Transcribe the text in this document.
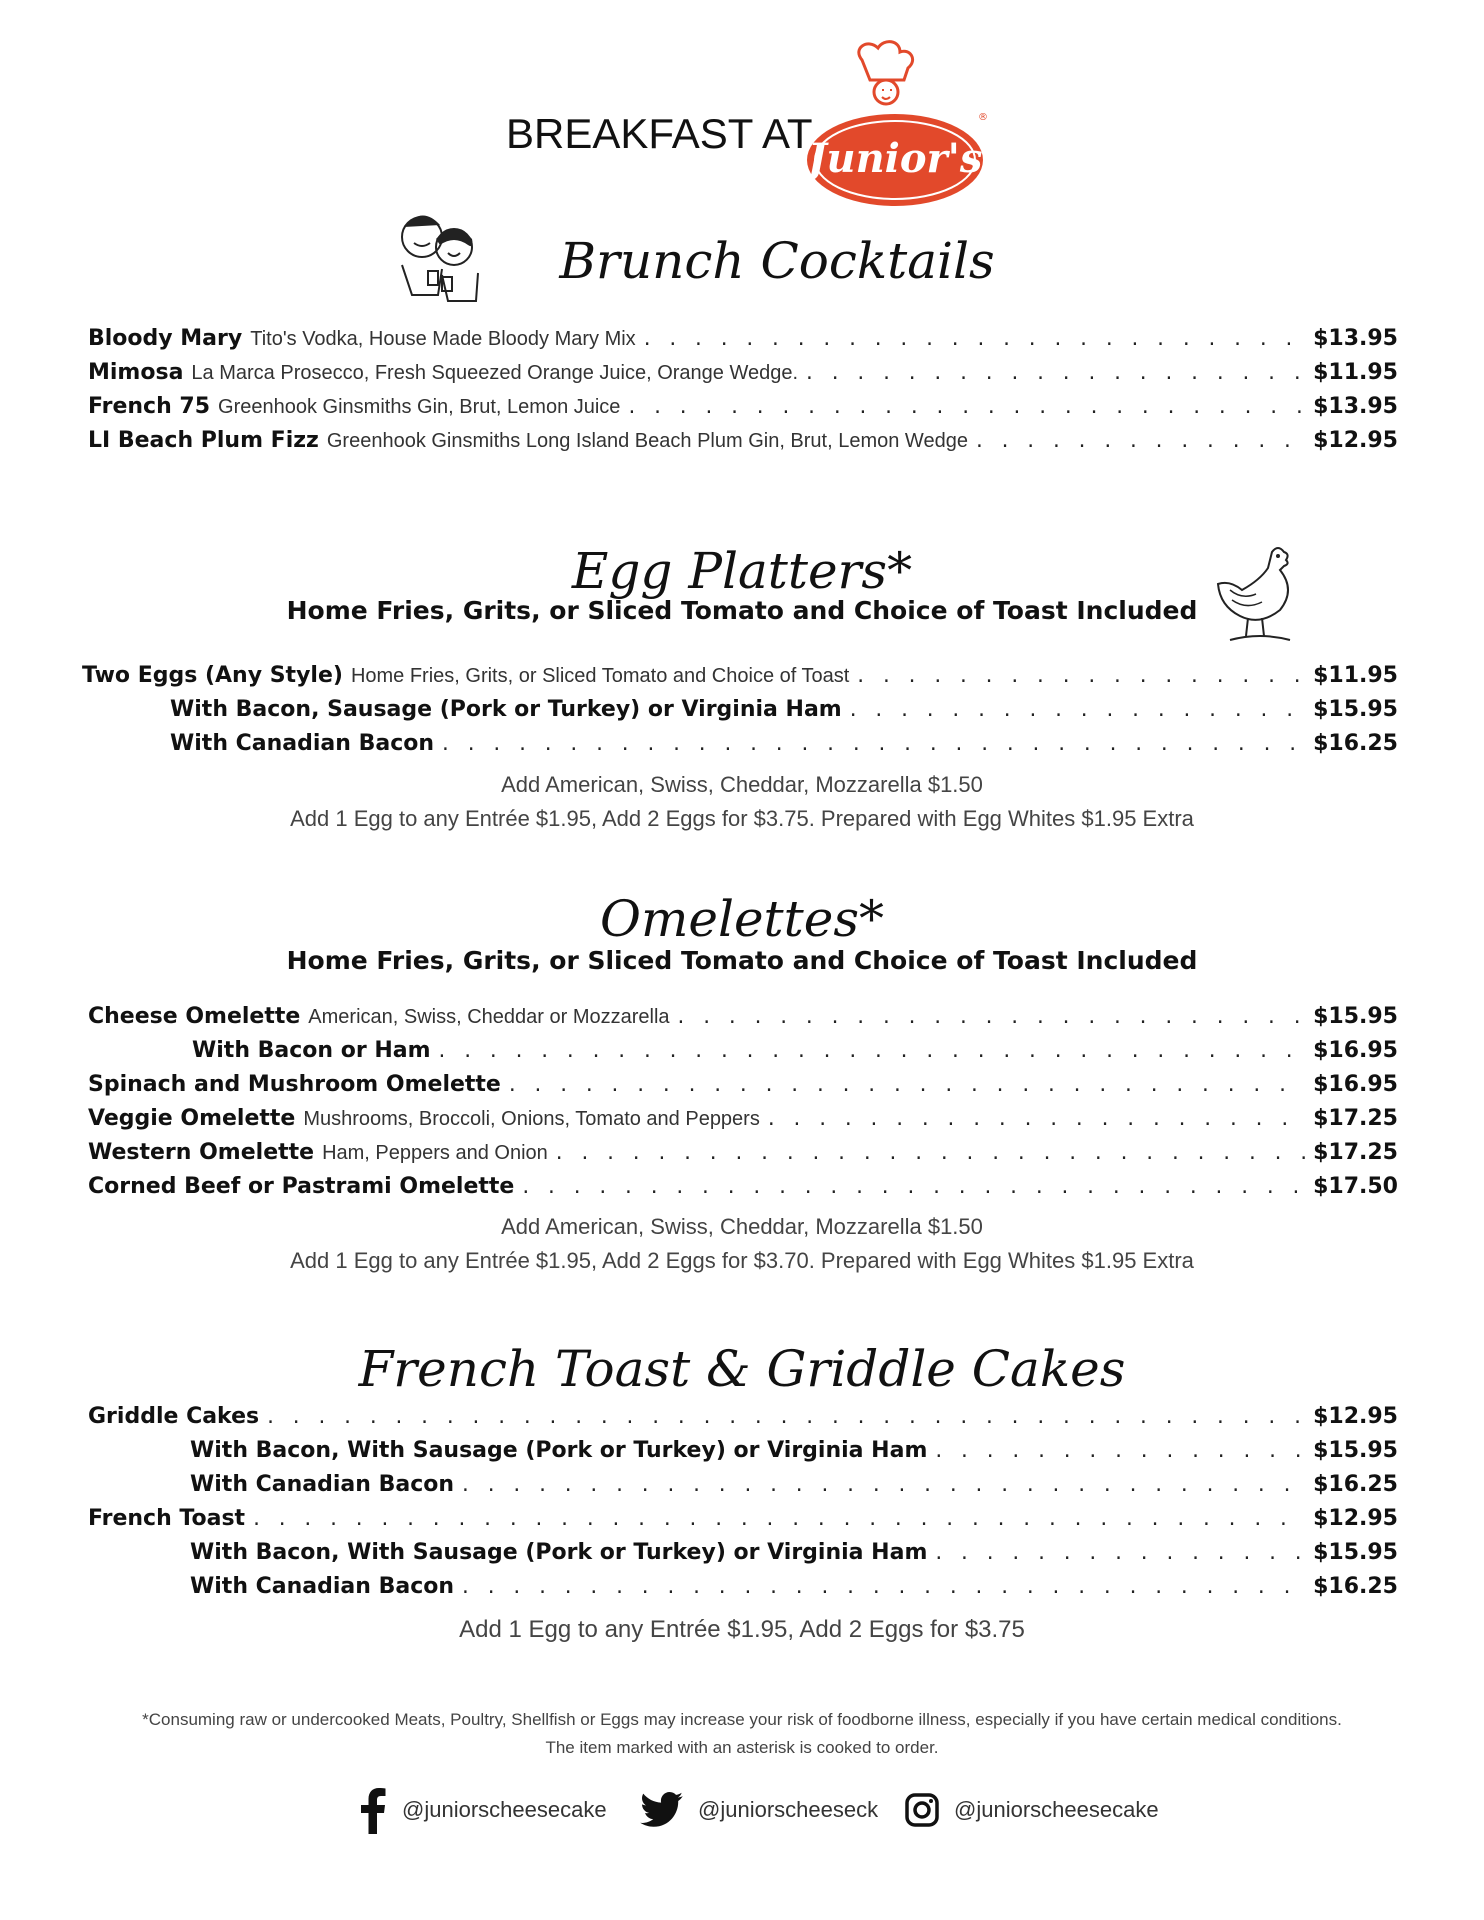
BREAKFAST AT
Junior's
®
Brunch Cocktails
Bloody Mary Tito's Vodka, House Made Bloody Mary Mix . . .	$13.95
Mimosa La Marca Prosecco, Fresh Squeezed Orange Juice, Orange Wedge. . . .	$11.95
French 75 Greenhook Ginsmiths Gin, Brut, Lemon Juice . . .	$13.95
LI Beach Plum Fizz Greenhook Ginsmiths Long Island Beach Plum Gin, Brut, Lemon Wedge . . .	$12.95
Egg Platters*
Home Fries, Grits, or Sliced Tomato and Choice of Toast Included
Two Eggs (Any Style) Home Fries, Grits, or Sliced Tomato and Choice of Toast . . .	$11.95
With Bacon, Sausage (Pork or Turkey) or Virginia Ham . . .	$15.95
With Canadian Bacon . . .	$16.25
Add American, Swiss, Cheddar, Mozzarella $1.50
Add 1 Egg to any Entrée $1.95, Add 2 Eggs for $3.75. Prepared with Egg Whites $1.95 Extra
Omelettes*
Home Fries, Grits, or Sliced Tomato and Choice of Toast Included
Cheese Omelette American, Swiss, Cheddar or Mozzarella . . .	$15.95
With Bacon or Ham . . .	$16.95
Spinach and Mushroom Omelette . . .	$16.95
Veggie Omelette Mushrooms, Broccoli, Onions, Tomato and Peppers . . .	$17.25
Western Omelette Ham, Peppers and Onion . . .	$17.25
Corned Beef or Pastrami Omelette . . .	$17.50
Add American, Swiss, Cheddar, Mozzarella $1.50
Add 1 Egg to any Entrée $1.95, Add 2 Eggs for $3.70. Prepared with Egg Whites $1.95 Extra
French Toast & Griddle Cakes
Griddle Cakes . . .	$12.95
With Bacon, With Sausage (Pork or Turkey) or Virginia Ham . . .	$15.95
With Canadian Bacon . . .	$16.25
French Toast . . .	$12.95
With Bacon, With Sausage (Pork or Turkey) or Virginia Ham . . .	$15.95
With Canadian Bacon . . .	$16.25
Add 1 Egg to any Entrée $1.95, Add 2 Eggs for $3.75
*Consuming raw or undercooked Meats, Poultry, Shellfish or Eggs may increase your risk of foodborne illness, especially if you have certain medical conditions.
The item marked with an asterisk is cooked to order.
@juniorscheesecake	@juniorscheeseck	@juniorscheesecake
